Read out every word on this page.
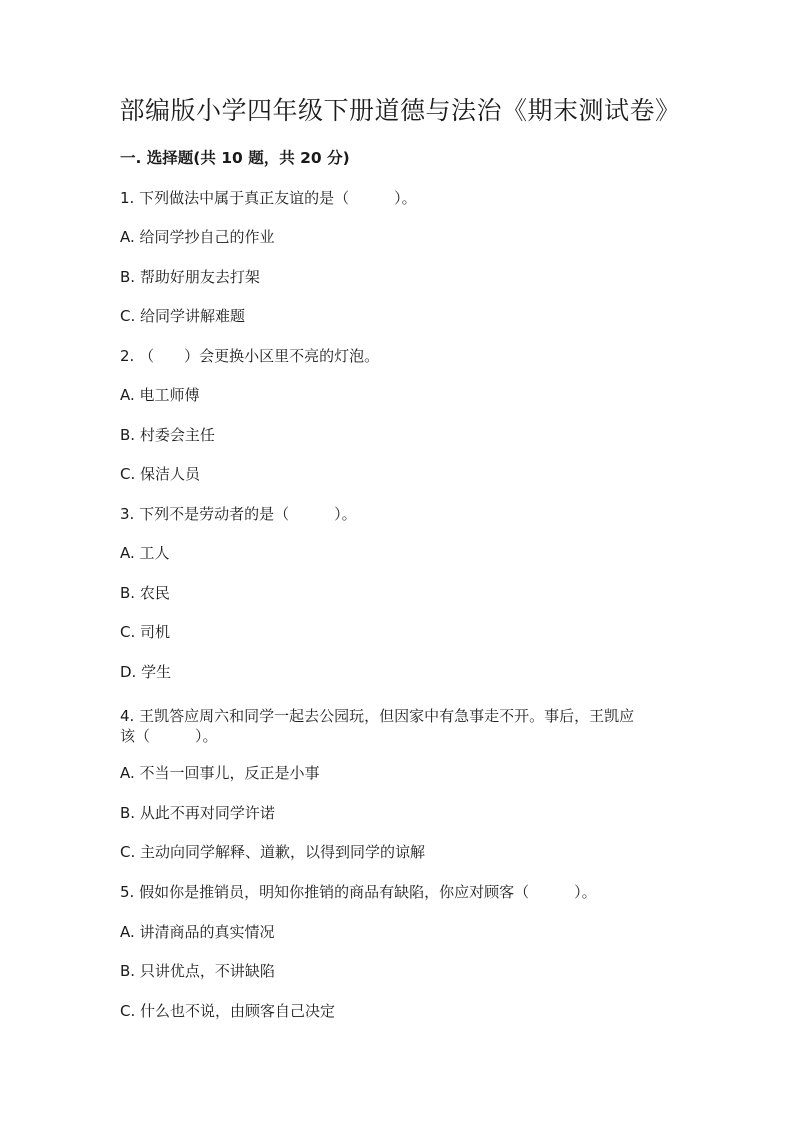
部编版小学四年级下册道德与法治《期末测试卷》
一. 选择题(共 10 题，共 20 分)
1. 下列做法中属于真正友谊的是（　　　）。
A. 给同学抄自己的作业
B. 帮助好朋友去打架
C. 给同学讲解难题
2. （　　）会更换小区里不亮的灯泡。
A. 电工师傅
B. 村委会主任
C. 保洁人员
3. 下列不是劳动者的是（　　　）。
A. 工人
B. 农民
C. 司机
D. 学生
4. 王凯答应周六和同学一起去公园玩，但因家中有急事走不开。事后，王凯应
该（　　　）。
A. 不当一回事儿，反正是小事
B. 从此不再对同学许诺
C. 主动向同学解释、道歉，以得到同学的谅解
5. 假如你是推销员，明知你推销的商品有缺陷，你应对顾客（　　　）。
A. 讲清商品的真实情况
B. 只讲优点，不讲缺陷
C. 什么也不说，由顾客自己决定
